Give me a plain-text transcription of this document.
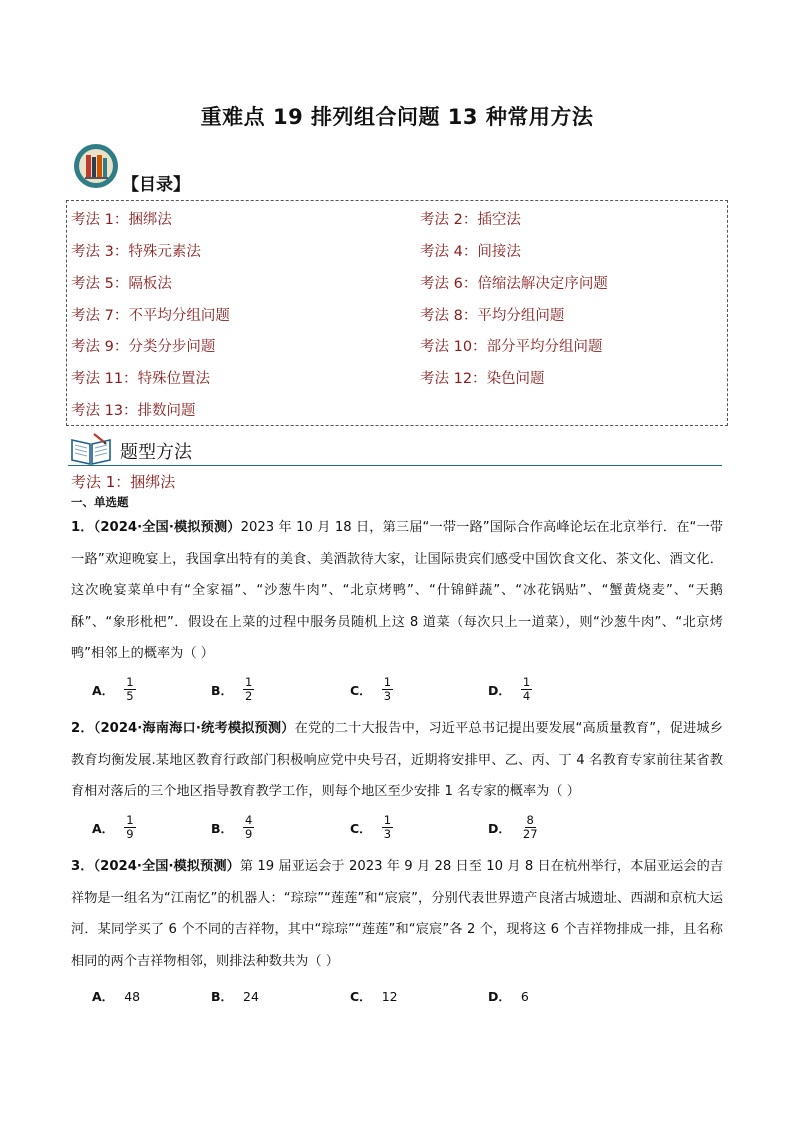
重难点 19 排列组合问题 13 种常用方法
【目录】
考法 1：捆绑法	考法 2：插空法
考法 3：特殊元素法	考法 4：间接法
考法 5：隔板法	考法 6：倍缩法解决定序问题
考法 7：不平均分组问题	考法 8：平均分组问题
考法 9：分类分步问题	考法 10：部分平均分组问题
考法 11：特殊位置法	考法 12：染色问题
考法 13：排数问题
题型方法
考法 1：捆绑法
一、单选题
1．（2024·全国·模拟预测）2023 年 10 月 18 日，第三届“一带一路”国际合作高峰论坛在北京举行．在“一带一路”欢迎晚宴上，我国拿出特有的美食、美酒款待大家，让国际贵宾们感受中国饮食文化、茶文化、酒文化．这次晚宴菜单中有“全家福”、“沙葱牛肉”、“北京烤鸭”、“什锦鲜蔬”、“冰花锅贴”、“蟹黄烧麦”、“天鹅酥”、“象形枇杷”．假设在上菜的过程中服务员随机上这 8 道菜（每次只上一道菜），则“沙葱牛肉”、“北京烤鸭”相邻上的概率为（ ）
A． $\frac{1}{5}$	B． $\frac{1}{2}$	C． $\frac{1}{3}$	D． $\frac{1}{4}$
2．（2024·海南海口·统考模拟预测）在党的二十大报告中，习近平总书记提出要发展“高质量教育”，促进城乡教育均衡发展.某地区教育行政部门积极响应党中央号召，近期将安排甲、乙、丙、丁 4 名教育专家前往某省教育相对落后的三个地区指导教育教学工作，则每个地区至少安排 1 名专家的概率为（ ）
A． $\frac{1}{9}$	B． $\frac{4}{9}$	C． $\frac{1}{3}$	D． $\frac{8}{27}$
3．（2024·全国·模拟预测）第 19 届亚运会于 2023 年 9 月 28 日至 10 月 8 日在杭州举行，本届亚运会的吉祥物是一组名为“江南忆”的机器人：“琮琮”“莲莲”和“宸宸”，分别代表世界遗产良渚古城遗址、西湖和京杭大运河．某同学买了 6 个不同的吉祥物，其中“琮琮”“莲莲”和“宸宸”各 2 个，现将这 6 个吉祥物排成一排，且名称相同的两个吉祥物相邻，则排法种数共为（ ）
A． 48	B． 24	C． 12	D． 6
